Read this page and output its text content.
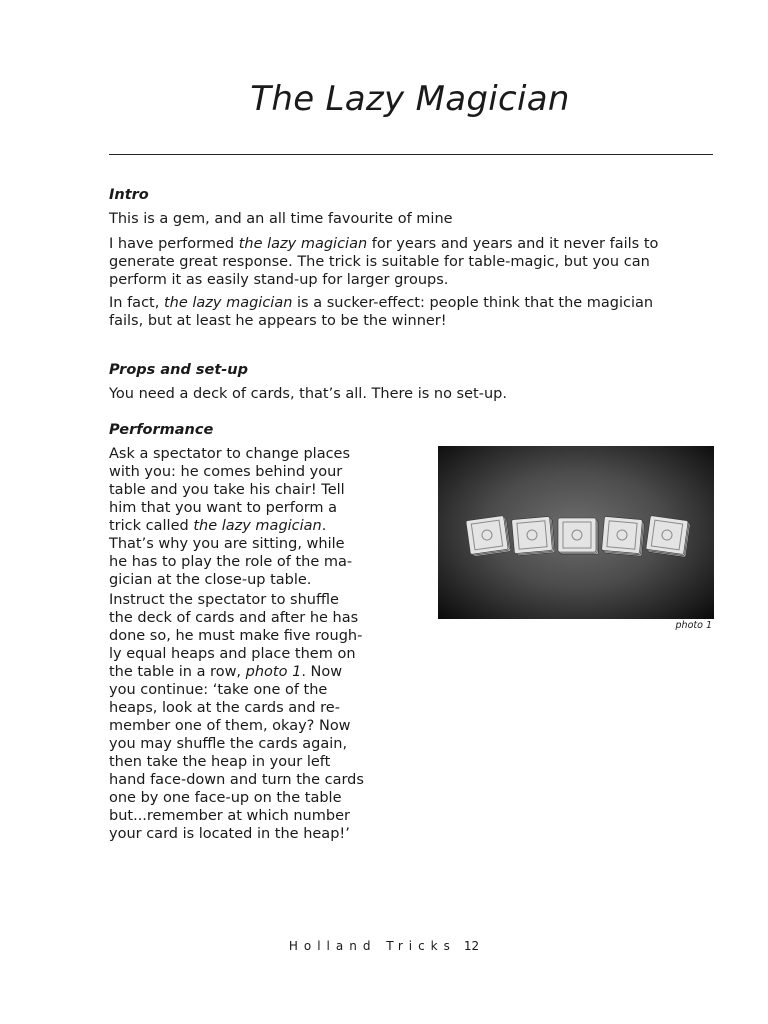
The Lazy Magician
Intro

This is a gem, and an all time favourite of mine

I have performed the lazy magician for years and years and it never fails to
generate great response. The trick is suitable for table-magic, but you can
perform it as easily stand-up for larger groups.

In fact, the lazy magician is a sucker-effect: people think that the magician
fails, but at least he appears to be the winner!

Props and set-up

You need a deck of cards, that’s all. There is no set-up.

Performance
Ask a spectator to change places
with you: he comes behind your
table and you take his chair! Tell
him that you want to perform a
trick called the lazy magician.
That’s why you are sitting, while
he has to play the role of the ma-
gician at the close-up table.
Instruct the spectator to shuffle
the deck of cards and after he has
done so, he must make five rough-
ly equal heaps and place them on
the table in a row, photo 1. Now
you continue: ‘take one of the
heaps, look at the cards and re-
member one of them, okay? Now
you may shuffle the cards again,
then take the heap in your left
hand face-down and turn the cards
one by one face-up on the table
but...remember at which number
your card is located in the heap!’
photo 1
Holland Tricks 12
